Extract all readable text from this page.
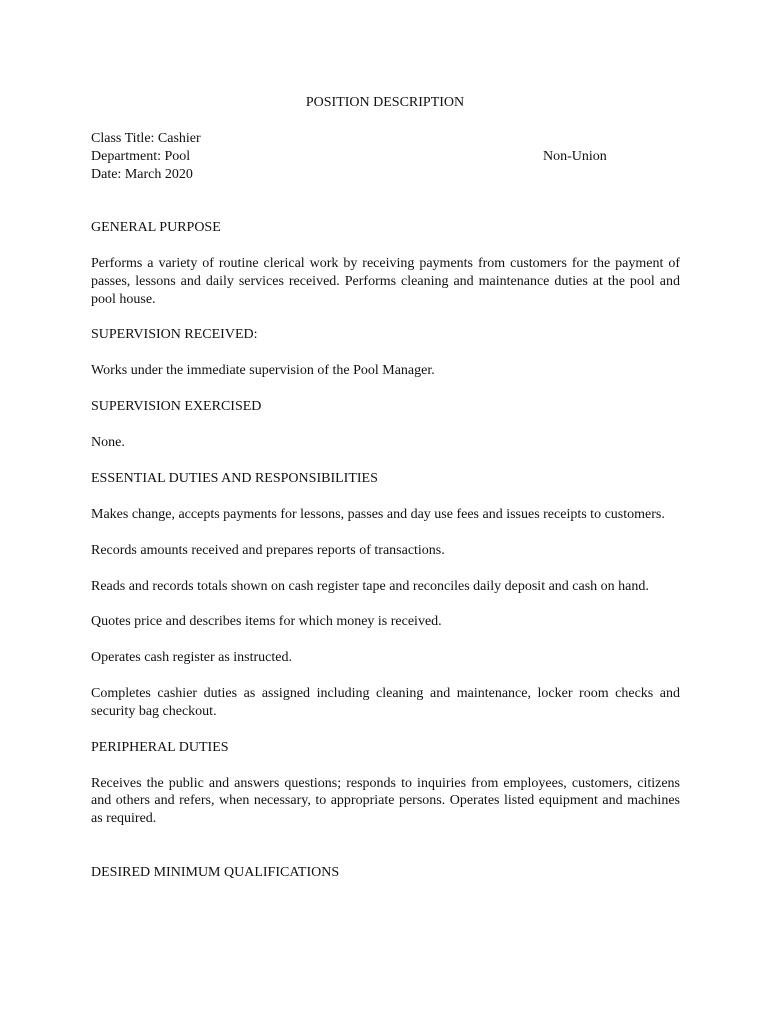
POSITION DESCRIPTION
Class Title: Cashier
Department: Pool
Date: March 2020
Non-Union
GENERAL PURPOSE

Performs a variety of routine clerical work by receiving payments from customers for the payment of passes, lessons and daily services received. Performs cleaning and maintenance duties at the pool and pool house.

SUPERVISION RECEIVED:

Works under the immediate supervision of the Pool Manager.

SUPERVISION EXERCISED

None.

ESSENTIAL DUTIES AND RESPONSIBILITIES

Makes change, accepts payments for lessons, passes and day use fees and issues receipts to customers.

Records amounts received and prepares reports of transactions.

Reads and records totals shown on cash register tape and reconciles daily deposit and cash on hand.

Quotes price and describes items for which money is received.

Operates cash register as instructed.

Completes cashier duties as assigned including cleaning and maintenance, locker room checks and security bag checkout.

PERIPHERAL DUTIES

Receives the public and answers questions; responds to inquiries from employees, customers, citizens and others and refers, when necessary, to appropriate persons. Operates listed equipment and machines as required.

DESIRED MINIMUM QUALIFICATIONS
